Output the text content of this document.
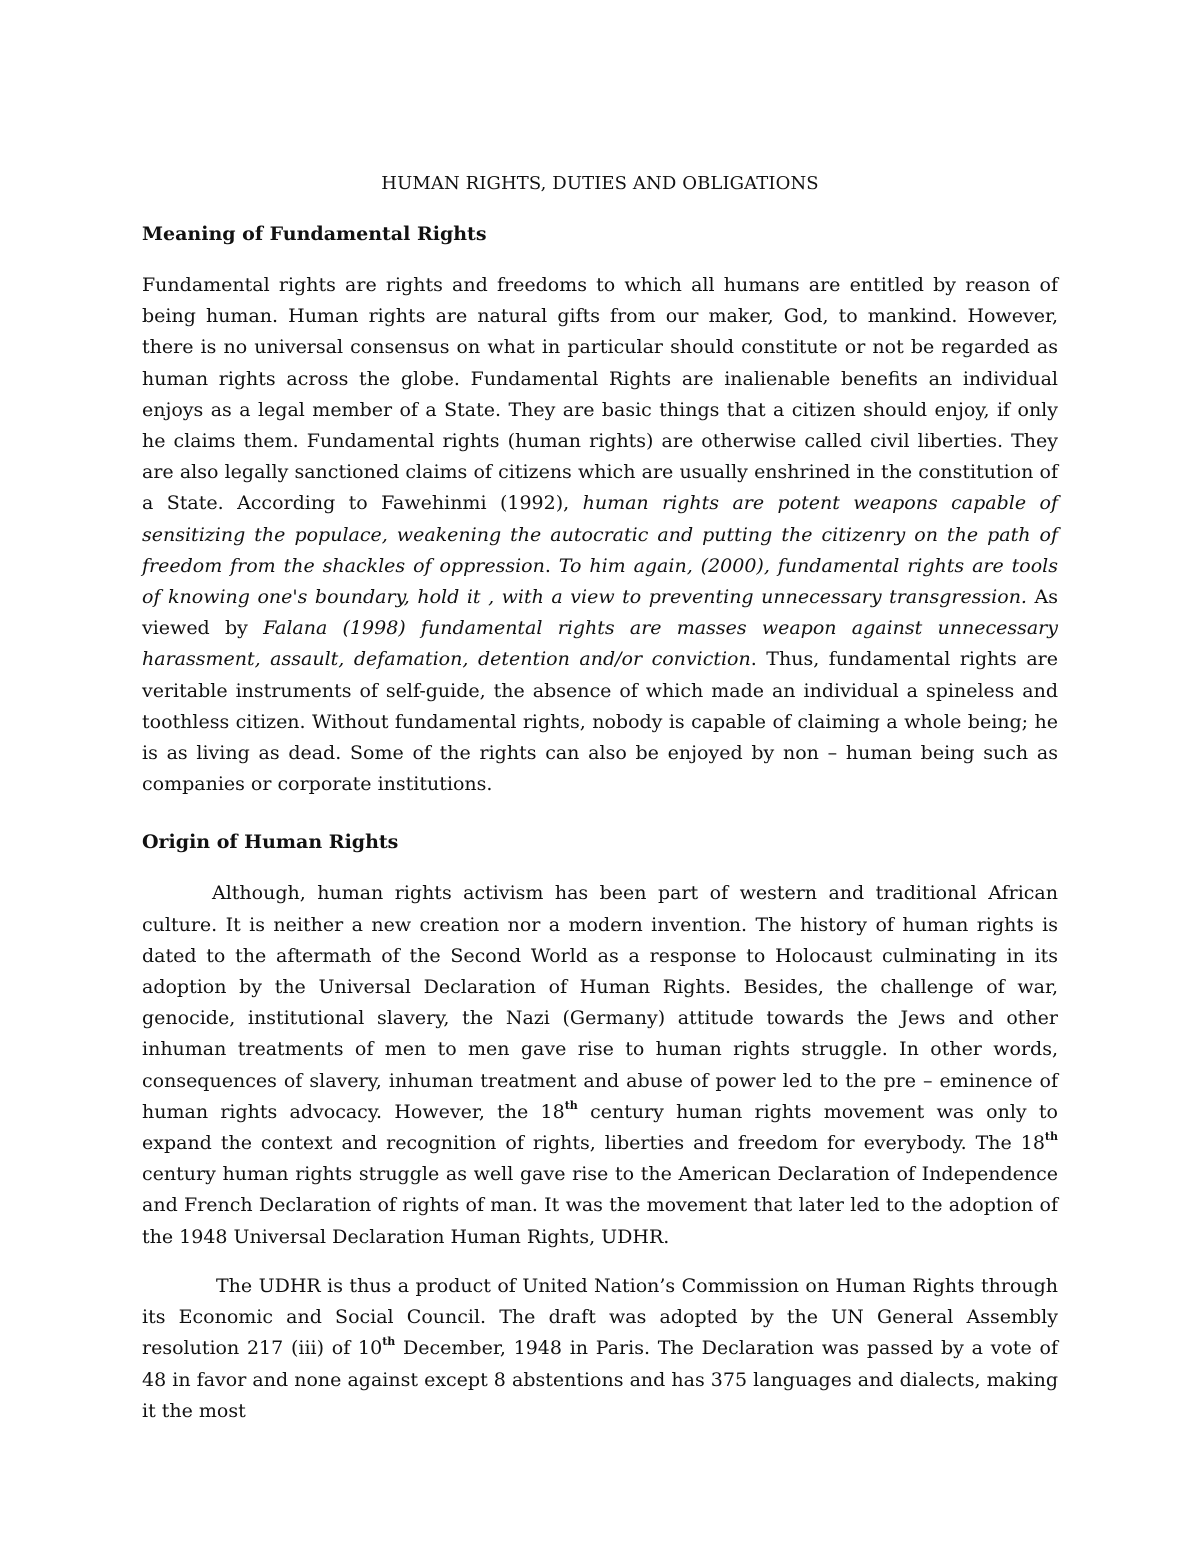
HUMAN RIGHTS, DUTIES AND OBLIGATIONS
Meaning of Fundamental Rights

Fundamental rights are rights and freedoms to which all humans are entitled by reason of being human. Human rights are natural gifts from our maker, God, to mankind. However, there is no universal consensus on what in particular should constitute or not be regarded as human rights across the globe. Fundamental Rights are inalienable benefits an individual enjoys as a legal member of a State. They are basic things that a citizen should enjoy, if only he claims them. Fundamental rights (human rights) are otherwise called civil liberties. They are also legally sanctioned claims of citizens which are usually enshrined in the constitution of a State. According to Fawehinmi (1992), human rights are potent weapons capable of sensitizing the populace, weakening the autocratic and putting the citizenry on the path of freedom from the shackles of oppression. To him again, (2000), fundamental rights are tools of knowing one's boundary, hold it , with a view to preventing unnecessary transgression. As viewed by Falana (1998) fundamental rights are masses weapon against unnecessary harassment, assault, defamation, detention and/or conviction. Thus, fundamental rights are veritable instruments of self-guide, the absence of which made an individual a spineless and toothless citizen. Without fundamental rights, nobody is capable of claiming a whole being; he is as living as dead. Some of the rights can also be enjoyed by non – human being such as companies or corporate institutions.

Origin of Human Rights

Although, human rights activism has been part of western and traditional African culture. It is neither a new creation nor a modern invention. The history of human rights is dated to the aftermath of the Second World as a response to Holocaust culminating in its adoption by the Universal Declaration of Human Rights. Besides, the challenge of war, genocide, institutional slavery, the Nazi (Germany) attitude towards the Jews and other inhuman treatments of men to men gave rise to human rights struggle. In other words, consequences of slavery, inhuman treatment and abuse of power led to the pre – eminence of human rights advocacy. However, the 18th century human rights movement was only to expand the context and recognition of rights, liberties and freedom for everybody. The 18th century human rights struggle as well gave rise to the American Declaration of Independence and French Declaration of rights of man. It was the movement that later led to the adoption of the 1948 Universal Declaration Human Rights, UDHR.

The UDHR is thus a product of United Nation’s Commission on Human Rights through its Economic and Social Council. The draft was adopted by the UN General Assembly resolution 217 (iii) of 10th December, 1948 in Paris. The Declaration was passed by a vote of 48 in favor and none against except 8 abstentions and has 375 languages and dialects, making it the most
